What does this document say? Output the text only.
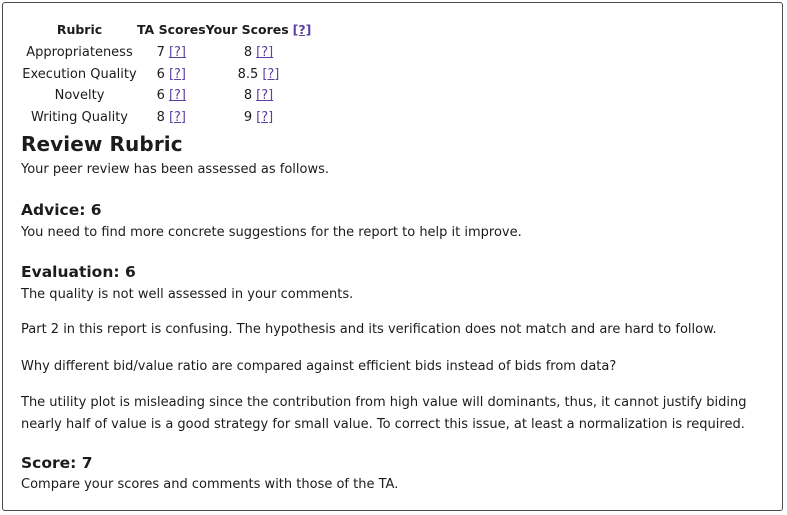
Rubric	TA Scores	Your Scores [?]
Appropriateness	7 [?]	8 [?]
Execution Quality	6 [?]	8.5 [?]
Novelty	6 [?]	8 [?]
Writing Quality	8 [?]	9 [?]
Review Rubric

Your peer review has been assessed as follows.

Advice: 6

You need to find more concrete suggestions for the report to help it improve.

Evaluation: 6

The quality is not well assessed in your comments.

Part 2 in this report is confusing. The hypothesis and its verification does not match and are hard to follow.

Why different bid/value ratio are compared against efficient bids instead of bids from data?

The utility plot is misleading since the contribution from high value will dominants, thus, it cannot justify biding nearly half of value is a good strategy for small value. To correct this issue, at least a normalization is required.

Score: 7

Compare your scores and comments with those of the TA.
